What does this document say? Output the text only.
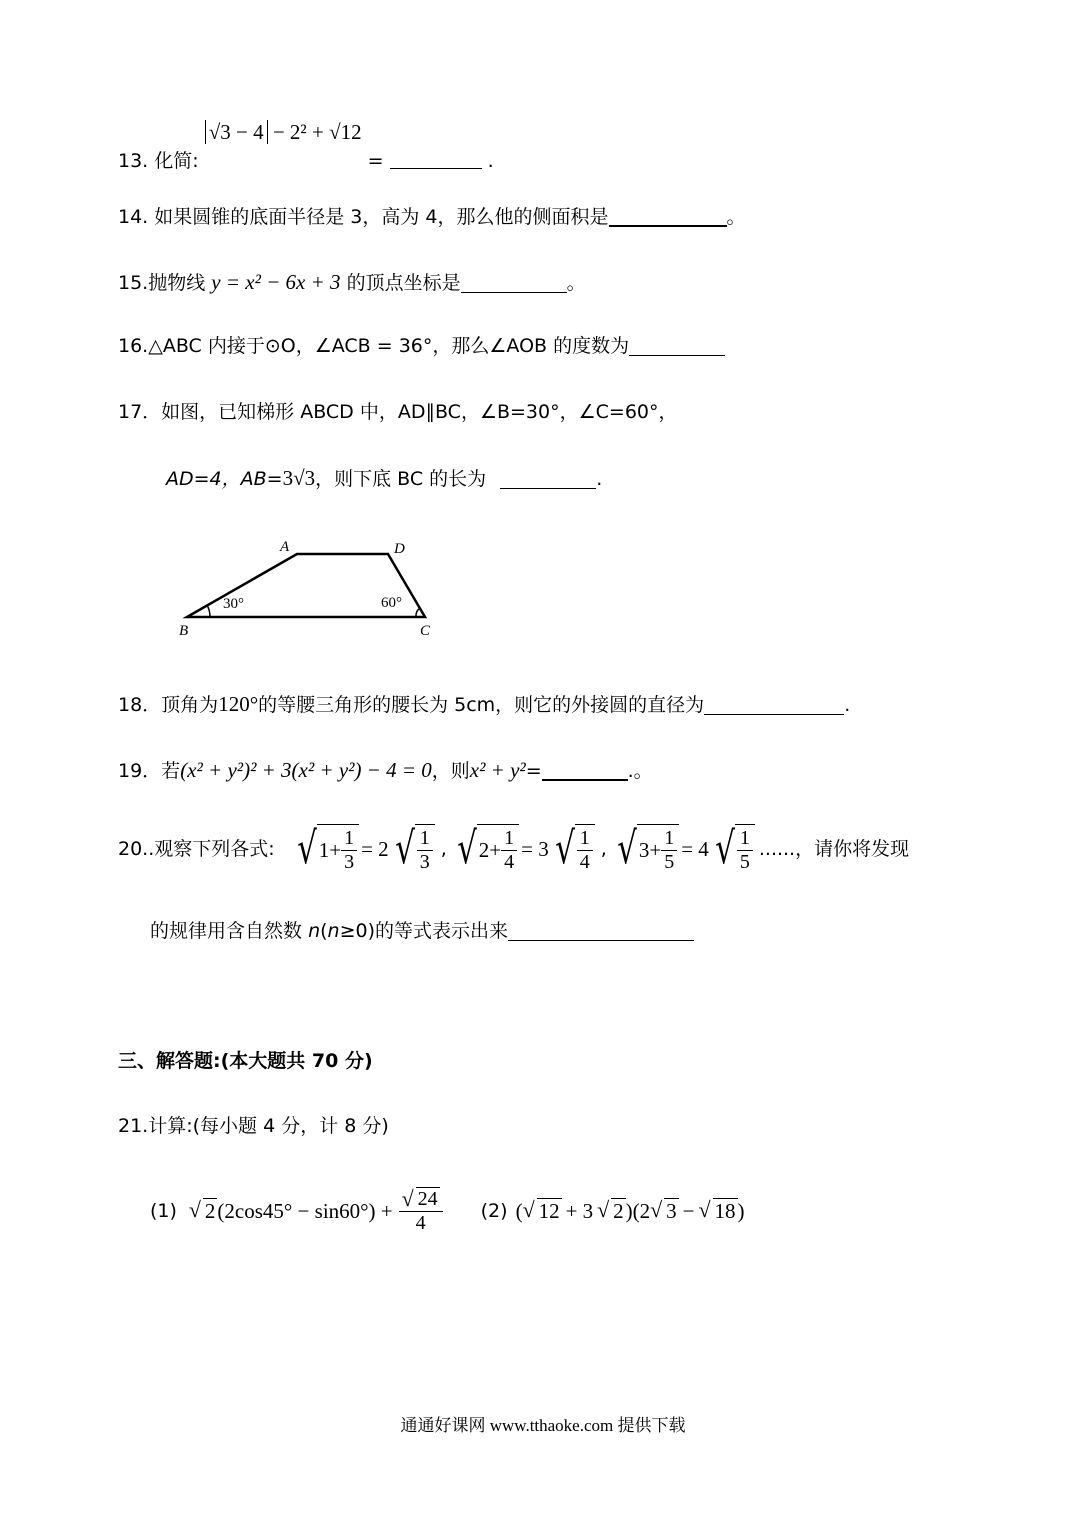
13. 化简: √3 − 4 − 2² + √12 =	.
14. 如果圆锥的底面半径是 3，高为 4，那么他的侧面积是	。
15.抛物线 y = x² − 6x + 3 的顶点坐标是	。
16.△ABC 内接于⊙O，∠ACB = 36°，那么∠AOB 的度数为
17．如图，已知梯形 ABCD 中，AD∥BC，∠B=30°，∠C=60°，
AD=4，AB=3√3，则下底 BC 的长为	.
A	D
B	C
30°	60°
18．顶角为120°的等腰三角形的腰长为 5cm，则它的外接圆的直径为	.
19．若(x² + y²)² + 3(x² + y²) − 4 = 0，则x² + y²=	.。
20..观察下列各式: √ $1+ \frac{1}{3} = 2$ √ $\frac{1}{3}$ , √ $2+ \frac{1}{4} = 3$ √ $\frac{1}{4}$ , √ $3+ \frac{1}{5} = 4$ √ $\frac{1}{5}$ ......，请你将发现
的规律用含自然数 n(n≥0)的等式表示出来
三、解答题:(本大题共 70 分)
21.计算:(每小题 4 分，计 8 分)
(1)	√ 2 (2cos45° − sin60°) + √ $\frac{24}{4} (2)$ ( √ 12 + 3 √ 2 )(2 √ 3 − √ 18 )
通通好课网 www.tthaoke.com 提供下载
